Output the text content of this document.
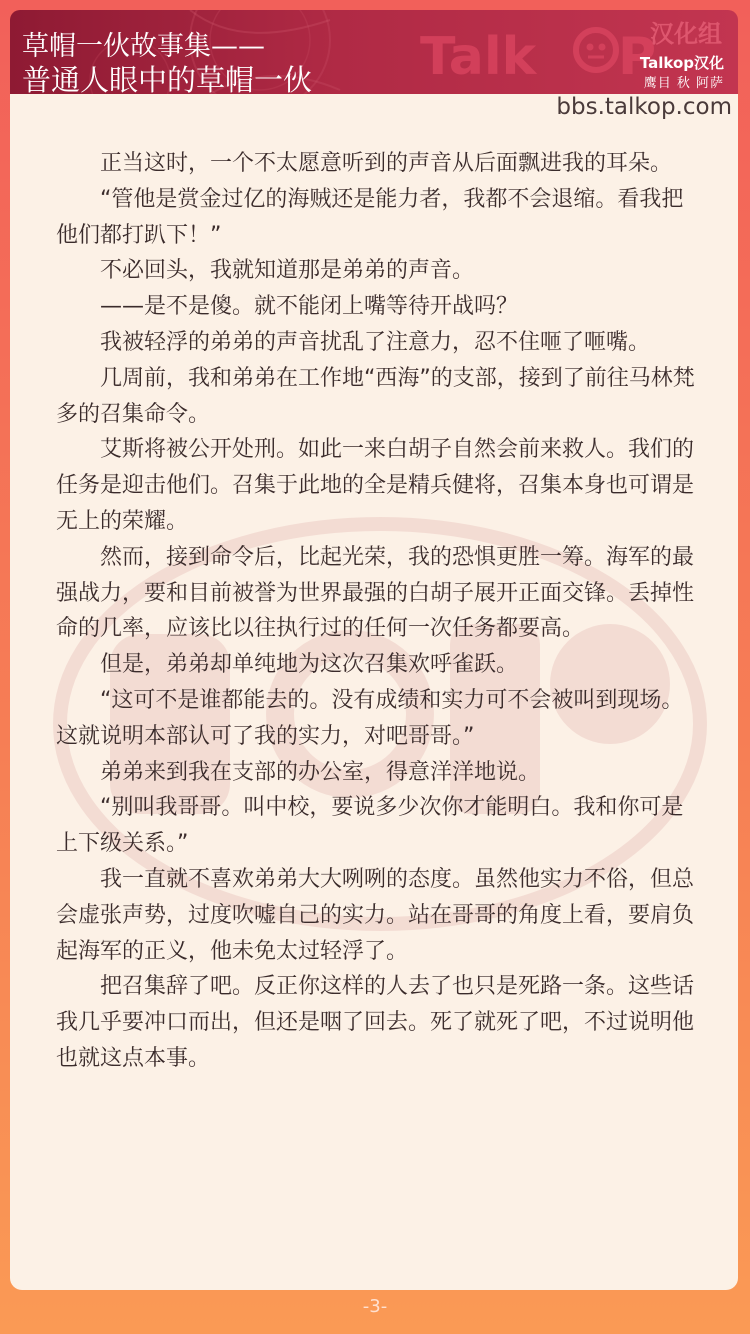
草帽一伙故事集——
普通人眼中的草帽一伙 Talk P
汉化组
Talkop汉化
鹰目 秋 阿萨
bbs.talkop.com

正当这时，一个不太愿意听到的声音从后面飘进我的耳朵。

“管他是赏金过亿的海贼还是能力者，我都不会退缩。看我把他们都打趴下！”

不必回头，我就知道那是弟弟的声音。

——是不是傻。就不能闭上嘴等待开战吗？

我被轻浮的弟弟的声音扰乱了注意力，忍不住咂了咂嘴。

几周前，我和弟弟在工作地“西海”的支部，接到了前往马林梵多的召集命令。

艾斯将被公开处刑。如此一来白胡子自然会前来救人。我们的任务是迎击他们。召集于此地的全是精兵健将，召集本身也可谓是无上的荣耀。

然而，接到命令后，比起光荣，我的恐惧更胜一筹。海军的最强战力，要和目前被誉为世界最强的白胡子展开正面交锋。丢掉性命的几率，应该比以往执行过的任何一次任务都要高。

但是，弟弟却单纯地为这次召集欢呼雀跃。

“这可不是谁都能去的。没有成绩和实力可不会被叫到现场。这就说明本部认可了我的实力，对吧哥哥。”

弟弟来到我在支部的办公室，得意洋洋地说。

“别叫我哥哥。叫中校，要说多少次你才能明白。我和你可是上下级关系。”

我一直就不喜欢弟弟大大咧咧的态度。虽然他实力不俗，但总会虚张声势，过度吹嘘自己的实力。站在哥哥的角度上看，要肩负起海军的正义，他未免太过轻浮了。

把召集辞了吧。反正你这样的人去了也只是死路一条。这些话我几乎要冲口而出，但还是咽了回去。死了就死了吧，不过说明他也就这点本事。

-3-
